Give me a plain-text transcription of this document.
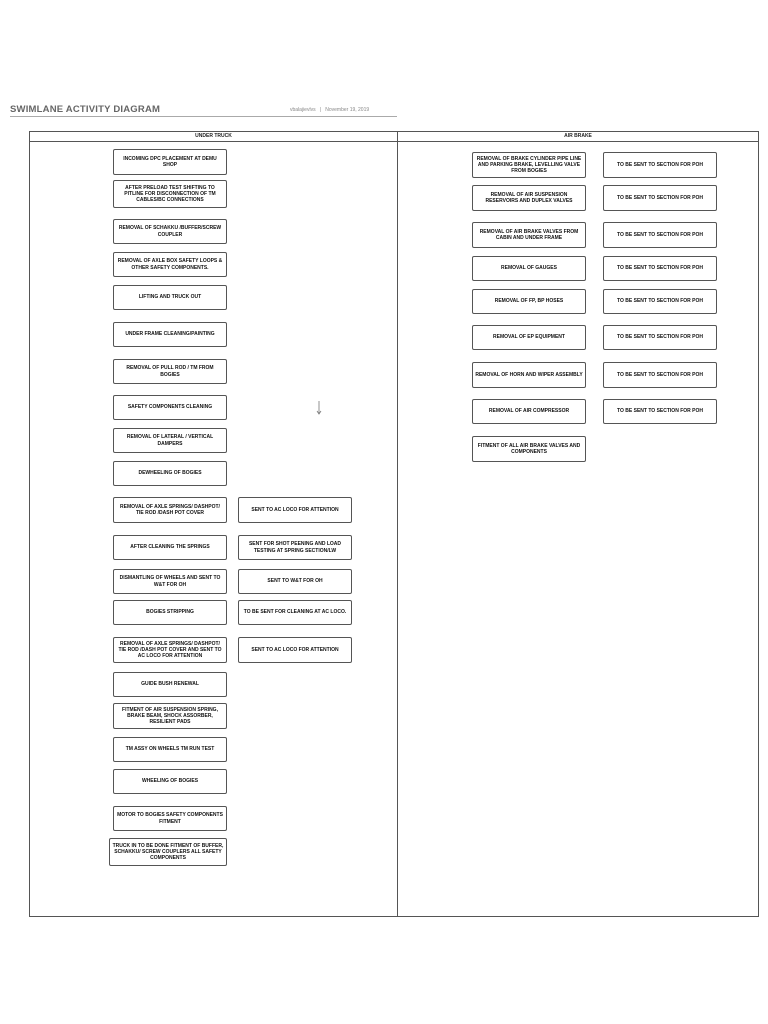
SWIMLANE ACTIVITY DIAGRAM	vbalajievlvs | November 19, 2019
UNDER TRUCK	AIR BRAKE
INCOMING DPC PLACEMENT AT DEMU SHOP
AFTER PRELOAD TEST SHIFTING TO PITLINE FOR DISCONNECTION OF TM CABLES/BC CONNECTIONS
REMOVAL OF SCHAKKU /BUFFER/SCREW COUPLER
REMOVAL OF AXLE BOX SAFETY LOOPS & OTHER SAFETY COMPONENTS.
LIFTING AND TRUCK OUT
UNDER FRAME CLEANING/PAINTING
REMOVAL OF PULL ROD / TM FROM BOGIES
SAFETY COMPONENTS CLEANING
REMOVAL OF LATERAL / VERTICAL DAMPERS
DEWHEELING OF BOGIES
REMOVAL OF AXLE SPRINGS/ DASHPOT/ TIE ROD /DASH POT COVER
AFTER CLEANING THE SPRINGS
DISMANTLING OF WHEELS AND SENT TO W&T FOR OH
BOGIES STRIPPING
REMOVAL OF AXLE SPRINGS/ DASHPOT/ TIE ROD /DASH POT COVER AND SENT TO AC LOCO FOR ATTENTION
GUIDE BUSH RENEWAL
FITMENT OF AIR SUSPENSION SPRING, BRAKE BEAM, SHOCK ASSORBER, RESILIENT PADS
TM ASSY ON WHEELS TM RUN TEST
WHEELING OF BOGIES
MOTOR TO BOGIES SAFETY COMPONENTS FITMENT
TRUCK IN TO BE DONE FITMENT OF BUFFER, SCHAKKU/ SCREW COUPLERS ALL SAFETY COMPONENTS
SENT TO AC LOCO FOR ATTENTION
SENT FOR SHOT PEENING AND LOAD TESTING AT SPRING SECTION/LW
SENT TO W&T FOR OH
TO BE SENT FOR CLEANING AT AC LOCO.
SENT TO AC LOCO FOR ATTENTION
REMOVAL OF BRAKE CYLINDER PIPE LINE AND PARKING BRAKE, LEVELLING VALVE FROM BOGIES
REMOVAL OF AIR SUSPENSION RESERVOIRS AND DUPLEX VALVES
REMOVAL OF AIR BRAKE VALVES FROM CABIN AND UNDER FRAME
REMOVAL OF GAUGES
REMOVAL OF FP, BP HOSES
REMOVAL OF EP EQUIPMENT
REMOVAL OF HORN AND WIPER ASSEMBLY
REMOVAL OF AIR COMPRESSOR
FITMENT OF ALL AIR BRAKE VALVES AND COMPONENTS
TO BE SENT TO SECTION FOR POH
TO BE SENT TO SECTION FOR POH
TO BE SENT TO SECTION FOR POH
TO BE SENT TO SECTION FOR POH
TO BE SENT TO SECTION FOR POH
TO BE SENT TO SECTION FOR POH
TO BE SENT TO SECTION FOR POH
TO BE SENT TO SECTION FOR POH
